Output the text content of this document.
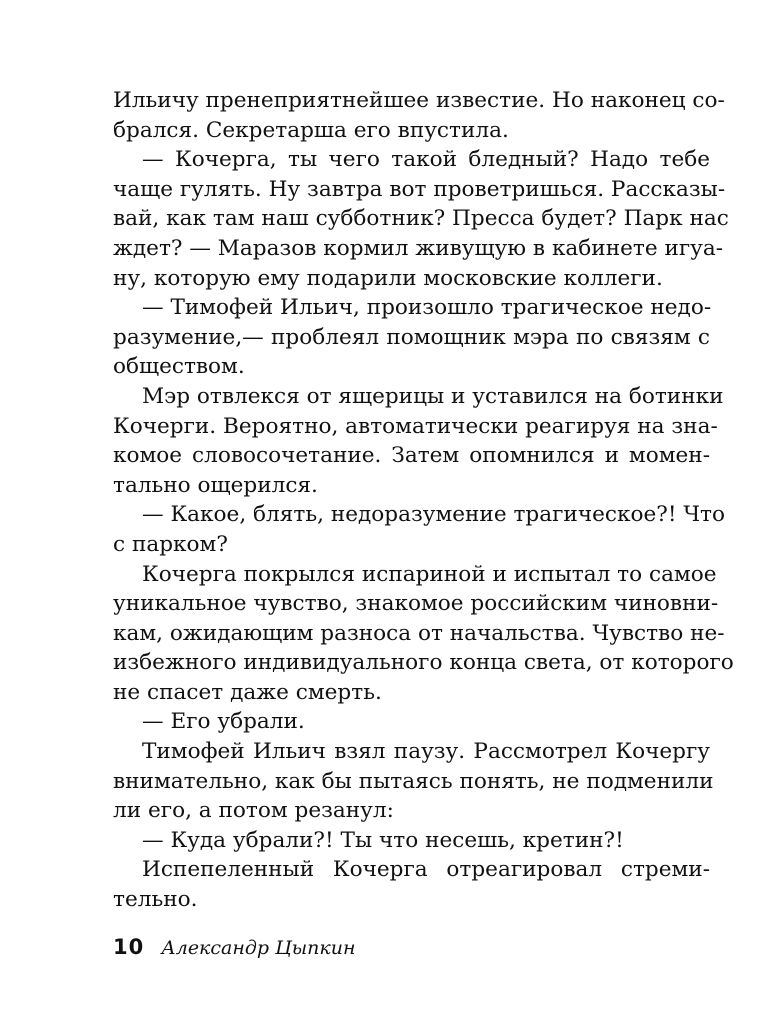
Ильичу пренеприятнейшее известие. Но наконец со-
брался. Секретарша его впустила.
— Кочерга, ты чего такой бледный? Надо тебе
чаще гулять. Ну завтра вот проветришься. Рассказы-
вай, как там наш субботник? Пресса будет? Парк нас
ждет? — Маразов кормил живущую в кабинете игуа-
ну, которую ему подарили московские коллеги.
— Тимофей Ильич, произошло трагическое недо-
разумение,— проблеял помощник мэра по связям с
обществом.
Мэр отвлекся от ящерицы и уставился на ботинки
Кочерги. Вероятно, автоматически реагируя на зна-
комое словосочетание. Затем опомнился и момен-
тально ощерился.
— Какое, блять, недоразумение трагическое?! Что
с парком?
Кочерга покрылся испариной и испытал то самое
уникальное чувство, знакомое российским чиновни-
кам, ожидающим разноса от начальства. Чувство не-
избежного индивидуального конца света, от которого
не спасет даже смерть.
— Его убрали.
Тимофей Ильич взял паузу. Рассмотрел Кочергу
внимательно, как бы пытаясь понять, не подменили
ли его, а потом резанул:
— Куда убрали?! Ты что несешь, кретин?!
Испепеленный Кочерга отреагировал стреми-
тельно.
10 Александр Цыпкин
